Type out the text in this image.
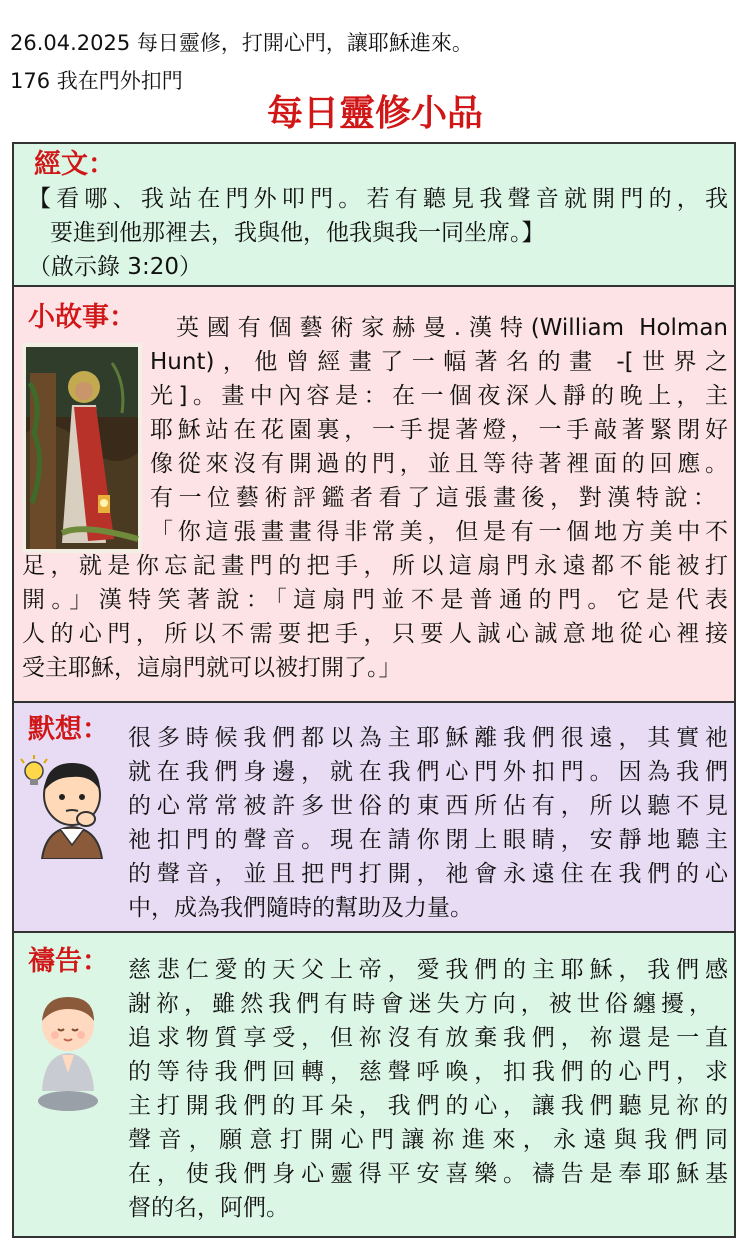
26.04.2025 每日靈修，打開心門，讓耶穌進來。
176 我在門外扣門
每日靈修小品
經文：
【看哪、我站在門外叩門。若有聽見我聲音就開門的，我
要進到他那裡去，我與他，他我與我一同坐席。】
（啟示錄 3:20）
小故事： 英國有個藝術家赫曼.漢特(William Holman
Hunt)，他曾經畫了一幅著名的畫 -[世界之
光]。畫中內容是：在一個夜深人靜的晚上，主
耶穌站在花園裏，一手提著燈，一手敲著緊閉好
像從來沒有開過的門，並且等待著裡面的回應。
有一位藝術評鑑者看了這張畫後，對漢特說：
「你這張畫畫得非常美，但是有一個地方美中不
足，就是你忘記畫門的把手，所以這扇門永遠都不能被打
開。」漢特笑著說：「這扇門並不是普通的門。它是代表
人的心門，所以不需要把手，只要人誠心誠意地從心裡接
受主耶穌，這扇門就可以被打開了。」
默想： 很多時候我們都以為主耶穌離我們很遠，其實祂
就在我們身邊，就在我們心門外扣門。因為我們
的心常常被許多世俗的東西所佔有，所以聽不見
祂扣門的聲音。現在請你閉上眼睛，安靜地聽主
的聲音，並且把門打開，祂會永遠住在我們的心
中，成為我們隨時的幫助及力量。
禱告： 慈悲仁愛的天父上帝，愛我們的主耶穌，我們感
謝祢，雖然我們有時會迷失方向，被世俗纏擾，
追求物質享受，但祢沒有放棄我們，祢還是一直
的等待我們回轉，慈聲呼喚，扣我們的心門，求
主打開我們的耳朵，我們的心，讓我們聽見祢的
聲音，願意打開心門讓祢進來，永遠與我們同
在，使我們身心靈得平安喜樂。禱告是奉耶穌基
督的名，阿們。
